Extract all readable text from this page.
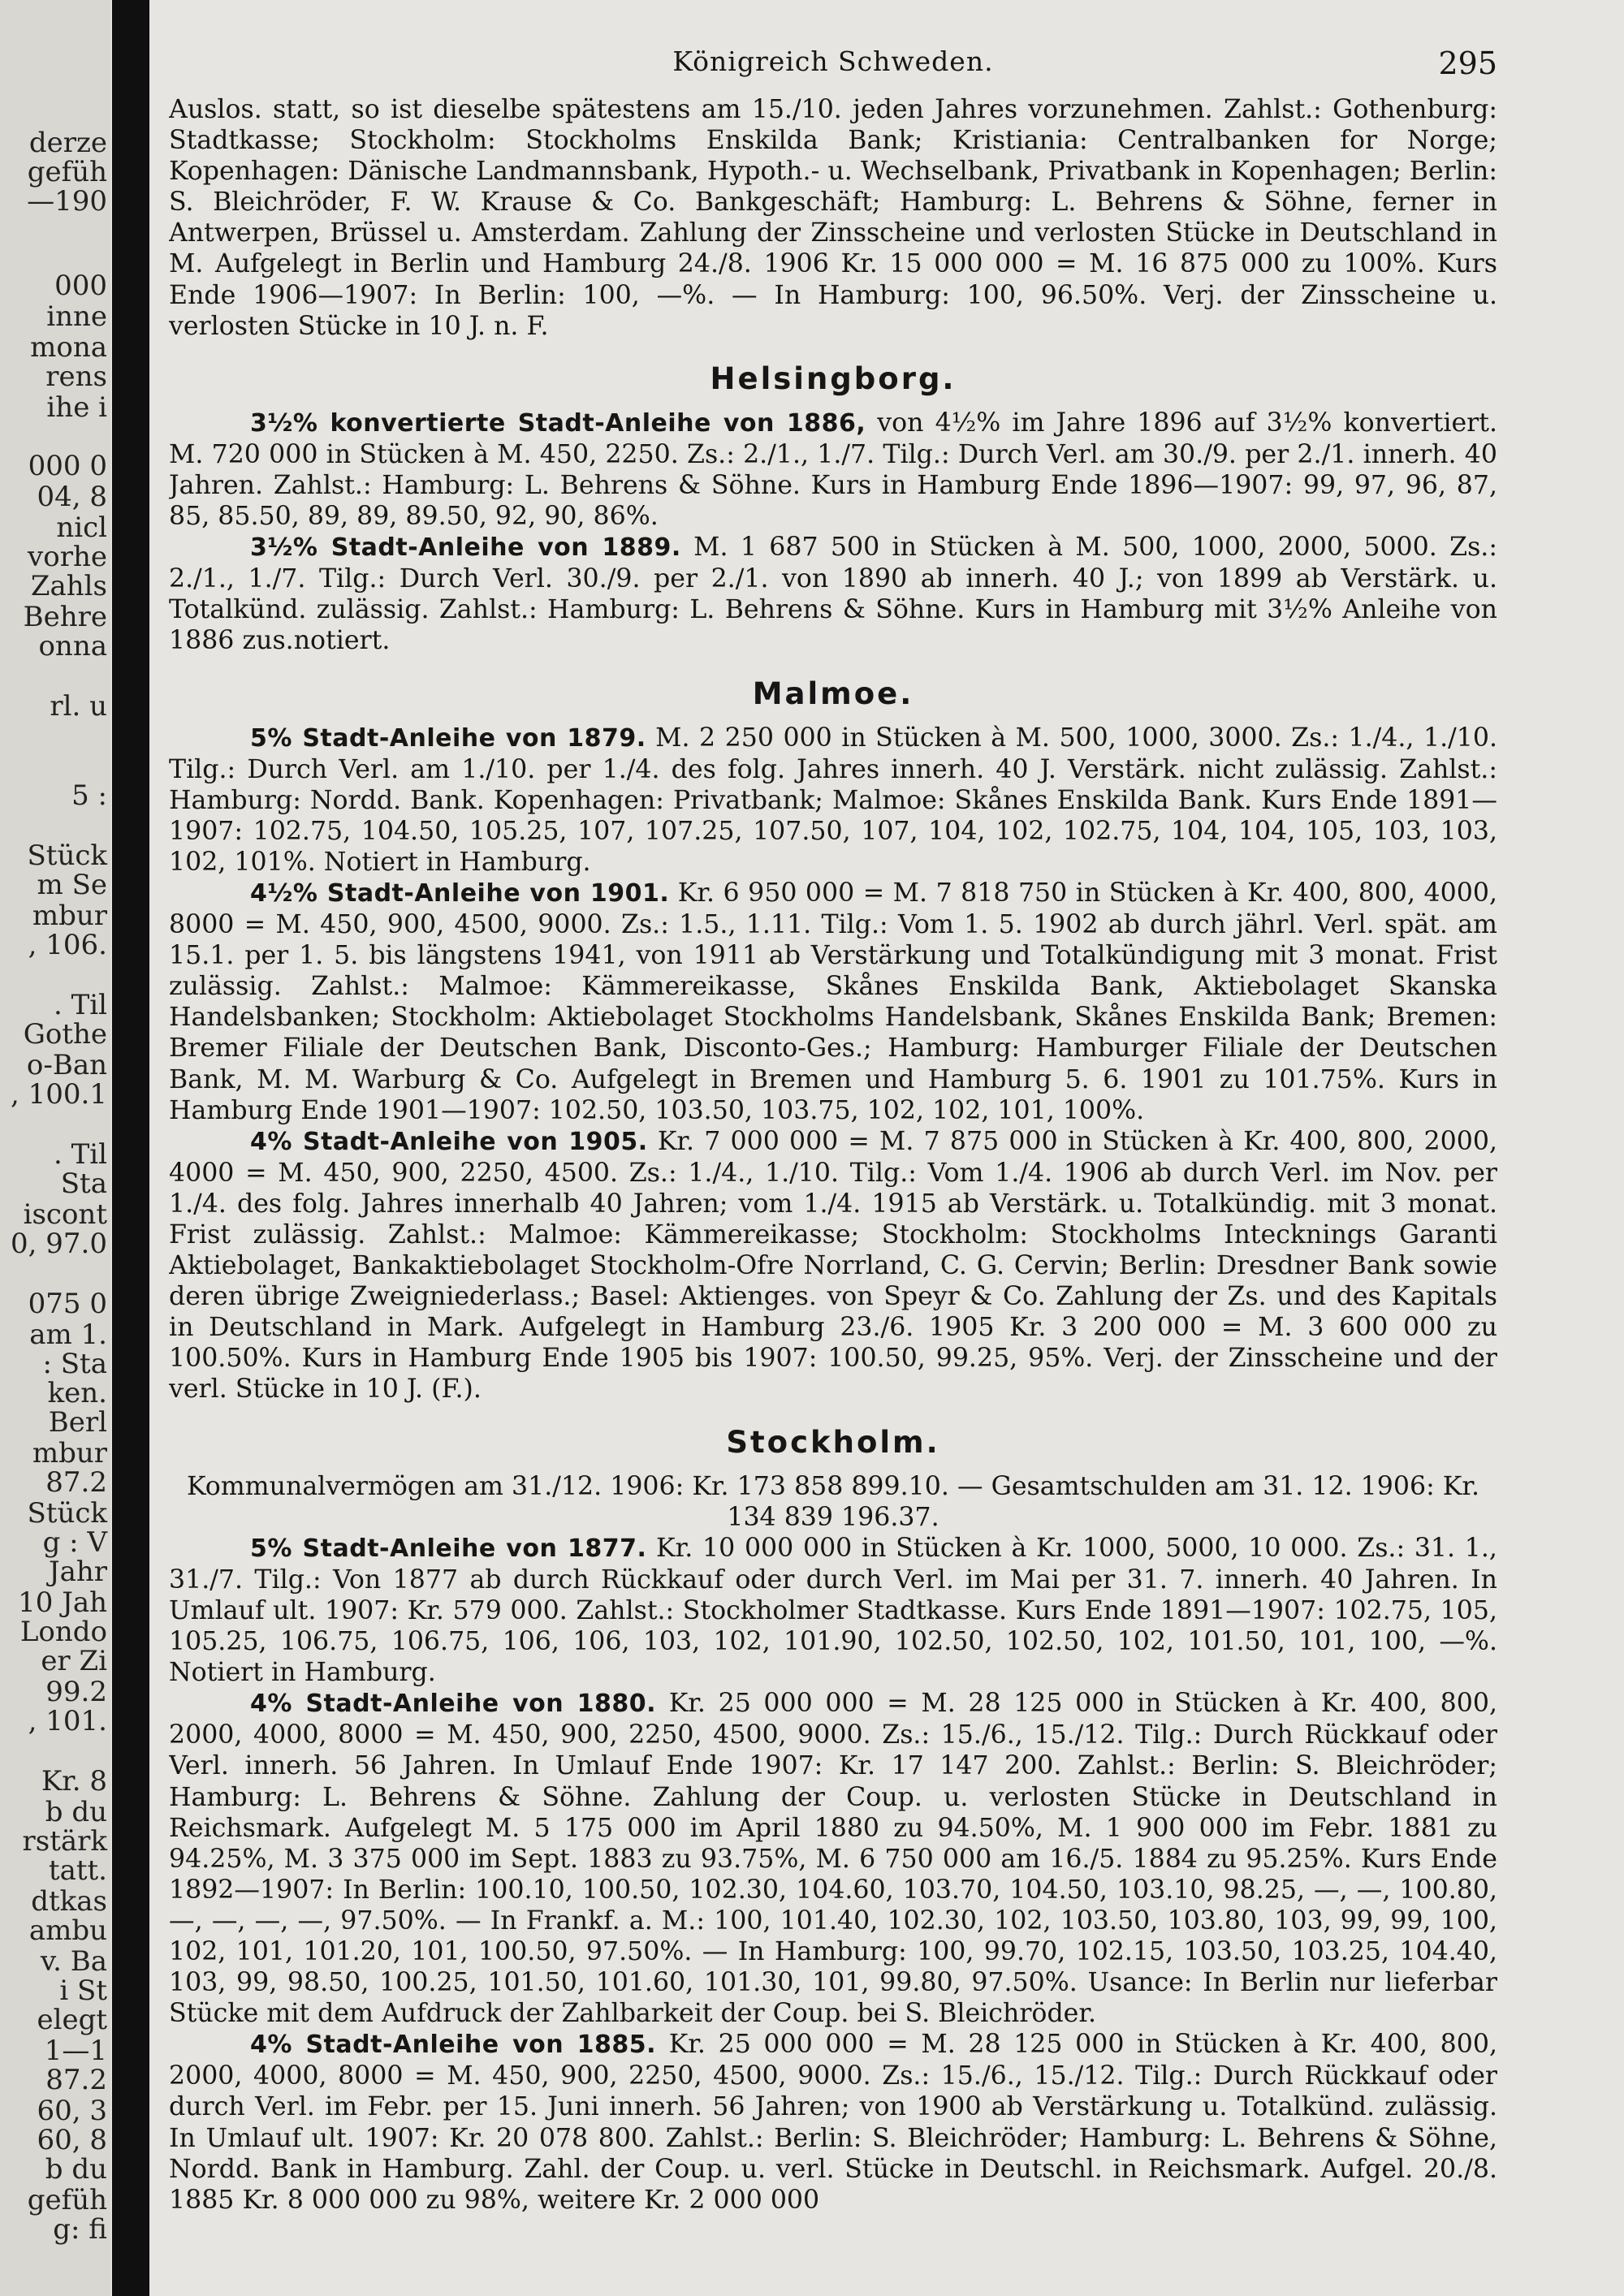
derze
gefüh
—190
000
inne
mona
rens
ihe i
000 0
04, 8
nicl
vorhe
Zahls
Behre
onna
rl. u
5 :
Stück
m Se
mbur
, 106.
. Til
Gothe
o-Ban
, 100.1
. Til
Sta
iscont
0, 97.0
075 0
am 1.
: Sta
ken.
Berl
mbur
87.2
Stück
g : V
Jahr
10 Jah
Londo
er Zi
99.2
, 101.
Kr. 8
b du
rstärk
tatt.
dtkas
ambu
v. Ba
i St
elegt
1—1
87.2
60, 3
60, 8
b du
gefüh
g: fi
Königreich Schweden.	295

Auslos. statt, so ist dieselbe spätestens am 15./10. jeden Jahres vorzunehmen. Zahlst.: Gothenburg: Stadtkasse; Stockholm: Stockholms Enskilda Bank; Kristiania: Centralbanken for Norge; Kopenhagen: Dänische Landmannsbank, Hypoth.- u. Wechselbank, Privatbank in Kopenhagen; Berlin: S. Bleichröder, F. W. Krause & Co. Bankgeschäft; Hamburg: L. Behrens & Söhne, ferner in Antwerpen, Brüssel u. Amsterdam. Zahlung der Zinsscheine und verlosten Stücke in Deutschland in M. Aufgelegt in Berlin und Hamburg 24./8. 1906 Kr. 15 000 000 = M. 16 875 000 zu 100%. Kurs Ende 1906—1907: In Berlin: 100, —%. — In Hamburg: 100, 96.50%. Verj. der Zinsscheine u. verlosten Stücke in 10 J. n. F.

Helsingborg.

3½% konvertierte Stadt-Anleihe von 1886, von 4½% im Jahre 1896 auf 3½% konvertiert. M. 720 000 in Stücken à M. 450, 2250. Zs.: 2./1., 1./7. Tilg.: Durch Verl. am 30./9. per 2./1. innerh. 40 Jahren. Zahlst.: Hamburg: L. Behrens & Söhne. Kurs in Hamburg Ende 1896—1907: 99, 97, 96, 87, 85, 85.50, 89, 89, 89.50, 92, 90, 86%.

3½% Stadt-Anleihe von 1889. M. 1 687 500 in Stücken à M. 500, 1000, 2000, 5000. Zs.: 2./1., 1./7. Tilg.: Durch Verl. 30./9. per 2./1. von 1890 ab innerh. 40 J.; von 1899 ab Verstärk. u. Totalkünd. zulässig. Zahlst.: Hamburg: L. Behrens & Söhne. Kurs in Hamburg mit 3½% Anleihe von 1886 zus.notiert.

Malmoe.

5% Stadt-Anleihe von 1879. M. 2 250 000 in Stücken à M. 500, 1000, 3000. Zs.: 1./4., 1./10. Tilg.: Durch Verl. am 1./10. per 1./4. des folg. Jahres innerh. 40 J. Verstärk. nicht zulässig. Zahlst.: Hamburg: Nordd. Bank. Kopenhagen: Privatbank; Malmoe: Skånes Enskilda Bank. Kurs Ende 1891—1907: 102.75, 104.50, 105.25, 107, 107.25, 107.50, 107, 104, 102, 102.75, 104, 104, 105, 103, 103, 102, 101%. Notiert in Hamburg.

4½% Stadt-Anleihe von 1901. Kr. 6 950 000 = M. 7 818 750 in Stücken à Kr. 400, 800, 4000, 8000 = M. 450, 900, 4500, 9000. Zs.: 1.5., 1.11. Tilg.: Vom 1. 5. 1902 ab durch jährl. Verl. spät. am 15.1. per 1. 5. bis längstens 1941, von 1911 ab Verstärkung und Totalkündigung mit 3 monat. Frist zulässig. Zahlst.: Malmoe: Kämmereikasse, Skånes Enskilda Bank, Aktiebolaget Skanska Handelsbanken; Stockholm: Aktiebolaget Stockholms Handelsbank, Skånes Enskilda Bank; Bremen: Bremer Filiale der Deutschen Bank, Disconto-Ges.; Hamburg: Hamburger Filiale der Deutschen Bank, M. M. Warburg & Co. Aufgelegt in Bremen und Hamburg 5. 6. 1901 zu 101.75%. Kurs in Hamburg Ende 1901—1907: 102.50, 103.50, 103.75, 102, 102, 101, 100%.

4% Stadt-Anleihe von 1905. Kr. 7 000 000 = M. 7 875 000 in Stücken à Kr. 400, 800, 2000, 4000 = M. 450, 900, 2250, 4500. Zs.: 1./4., 1./10. Tilg.: Vom 1./4. 1906 ab durch Verl. im Nov. per 1./4. des folg. Jahres innerhalb 40 Jahren; vom 1./4. 1915 ab Verstärk. u. Totalkündig. mit 3 monat. Frist zulässig. Zahlst.: Malmoe: Kämmereikasse; Stockholm: Stockholms Intecknings Garanti Aktiebolaget, Bankaktiebolaget Stockholm-Ofre Norrland, C. G. Cervin; Berlin: Dresdner Bank sowie deren übrige Zweigniederlass.; Basel: Aktienges. von Speyr & Co. Zahlung der Zs. und des Kapitals in Deutschland in Mark. Aufgelegt in Hamburg 23./6. 1905 Kr. 3 200 000 = M. 3 600 000 zu 100.50%. Kurs in Hamburg Ende 1905 bis 1907: 100.50, 99.25, 95%. Verj. der Zinsscheine und der verl. Stücke in 10 J. (F.).

Stockholm.

Kommunalvermögen am 31./12. 1906: Kr. 173 858 899.10. — Gesamtschulden am 31. 12. 1906: Kr. 134 839 196.37.

5% Stadt-Anleihe von 1877. Kr. 10 000 000 in Stücken à Kr. 1000, 5000, 10 000. Zs.: 31. 1., 31./7. Tilg.: Von 1877 ab durch Rückkauf oder durch Verl. im Mai per 31. 7. innerh. 40 Jahren. In Umlauf ult. 1907: Kr. 579 000. Zahlst.: Stockholmer Stadtkasse. Kurs Ende 1891—1907: 102.75, 105, 105.25, 106.75, 106.75, 106, 106, 103, 102, 101.90, 102.50, 102.50, 102, 101.50, 101, 100, —%. Notiert in Hamburg.

4% Stadt-Anleihe von 1880. Kr. 25 000 000 = M. 28 125 000 in Stücken à Kr. 400, 800, 2000, 4000, 8000 = M. 450, 900, 2250, 4500, 9000. Zs.: 15./6., 15./12. Tilg.: Durch Rückkauf oder Verl. innerh. 56 Jahren. In Umlauf Ende 1907: Kr. 17 147 200. Zahlst.: Berlin: S. Bleichröder; Hamburg: L. Behrens & Söhne. Zahlung der Coup. u. verlosten Stücke in Deutschland in Reichsmark. Aufgelegt M. 5 175 000 im April 1880 zu 94.50%, M. 1 900 000 im Febr. 1881 zu 94.25%, M. 3 375 000 im Sept. 1883 zu 93.75%, M. 6 750 000 am 16./5. 1884 zu 95.25%. Kurs Ende 1892—1907: In Berlin: 100.10, 100.50, 102.30, 104.60, 103.70, 104.50, 103.10, 98.25, —, —, 100.80, —, —, —, —, 97.50%. — In Frankf. a. M.: 100, 101.40, 102.30, 102, 103.50, 103.80, 103, 99, 99, 100, 102, 101, 101.20, 101, 100.50, 97.50%. — In Hamburg: 100, 99.70, 102.15, 103.50, 103.25, 104.40, 103, 99, 98.50, 100.25, 101.50, 101.60, 101.30, 101, 99.80, 97.50%. Usance: In Berlin nur lieferbar Stücke mit dem Aufdruck der Zahlbarkeit der Coup. bei S. Bleichröder.

4% Stadt-Anleihe von 1885. Kr. 25 000 000 = M. 28 125 000 in Stücken à Kr. 400, 800, 2000, 4000, 8000 = M. 450, 900, 2250, 4500, 9000. Zs.: 15./6., 15./12. Tilg.: Durch Rückkauf oder durch Verl. im Febr. per 15. Juni innerh. 56 Jahren; von 1900 ab Verstärkung u. Totalkünd. zulässig. In Umlauf ult. 1907: Kr. 20 078 800. Zahlst.: Berlin: S. Bleichröder; Hamburg: L. Behrens & Söhne, Nordd. Bank in Hamburg. Zahl. der Coup. u. verl. Stücke in Deutschl. in Reichsmark. Aufgel. 20./8. 1885 Kr. 8 000 000 zu 98%, weitere Kr. 2 000 000
